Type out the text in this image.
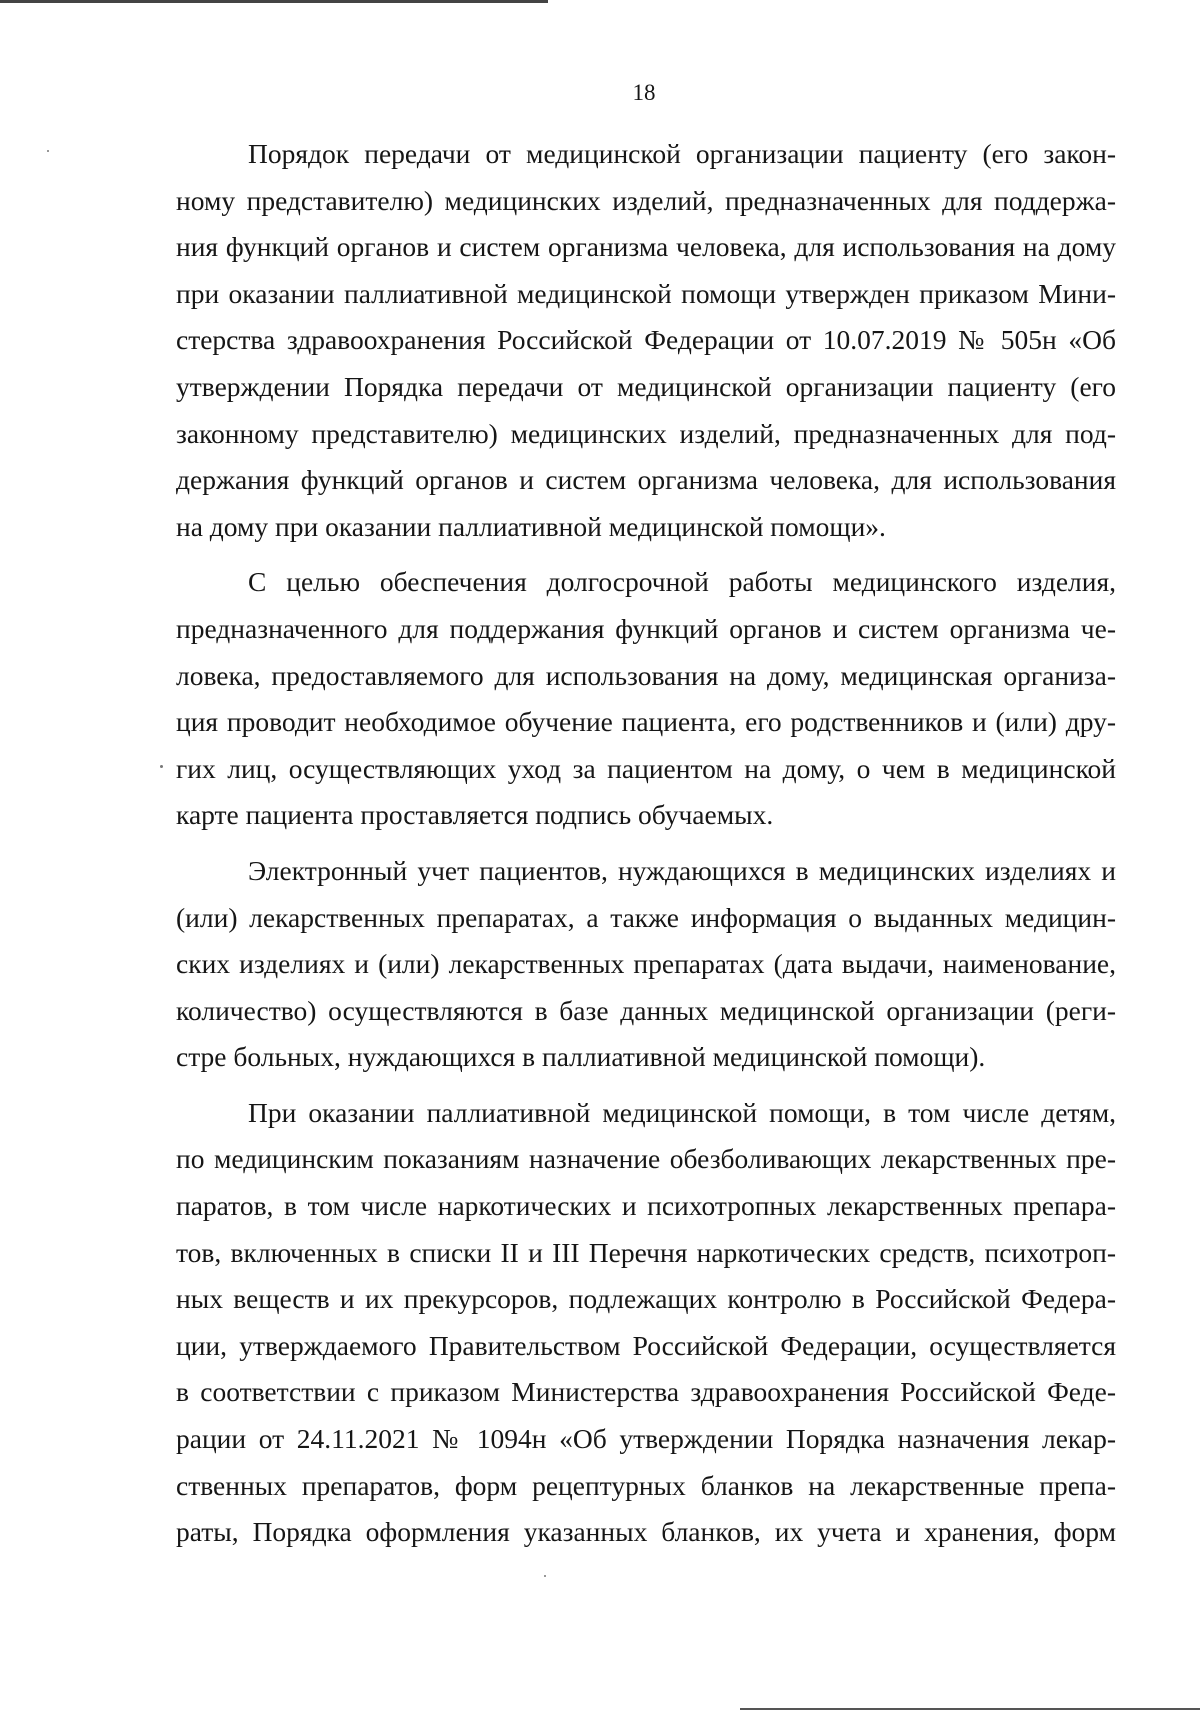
18
Порядок передачи от медицинской организации пациенту (его закон-
ному представителю) медицинских изделий, предназначенных для поддержа-
ния функций органов и систем организма человека, для использования на дому
при оказании паллиативной медицинской помощи утвержден приказом Мини-
стерства здравоохранения Российской Федерации от 10.07.2019 № 505н «Об
утверждении Порядка передачи от медицинской организации пациенту (его
законному представителю) медицинских изделий, предназначенных для под-
держания функций органов и систем организма человека, для использования
на дому при оказании паллиативной медицинской помощи».
С целью обеспечения долгосрочной работы медицинского изделия,
предназначенного для поддержания функций органов и систем организма че-
ловека, предоставляемого для использования на дому, медицинская организа-
ция проводит необходимое обучение пациента, его родственников и (или) дру-
гих лиц, осуществляющих уход за пациентом на дому, о чем в медицинской
карте пациента проставляется подпись обучаемых.
Электронный учет пациентов, нуждающихся в медицинских изделиях и
(или) лекарственных препаратах, а также информация о выданных медицин-
ских изделиях и (или) лекарственных препаратах (дата выдачи, наименование,
количество) осуществляются в базе данных медицинской организации (реги-
стре больных, нуждающихся в паллиативной медицинской помощи).
При оказании паллиативной медицинской помощи, в том числе детям,
по медицинским показаниям назначение обезболивающих лекарственных пре-
паратов, в том числе наркотических и психотропных лекарственных препара-
тов, включенных в списки II и III Перечня наркотических средств, психотроп-
ных веществ и их прекурсоров, подлежащих контролю в Российской Федера-
ции, утверждаемого Правительством Российской Федерации, осуществляется
в соответствии с приказом Министерства здравоохранения Российской Феде-
рации от 24.11.2021 № 1094н «Об утверждении Порядка назначения лекар-
ственных препаратов, форм рецептурных бланков на лекарственные препа-
раты, Порядка оформления указанных бланков, их учета и хранения, форм
